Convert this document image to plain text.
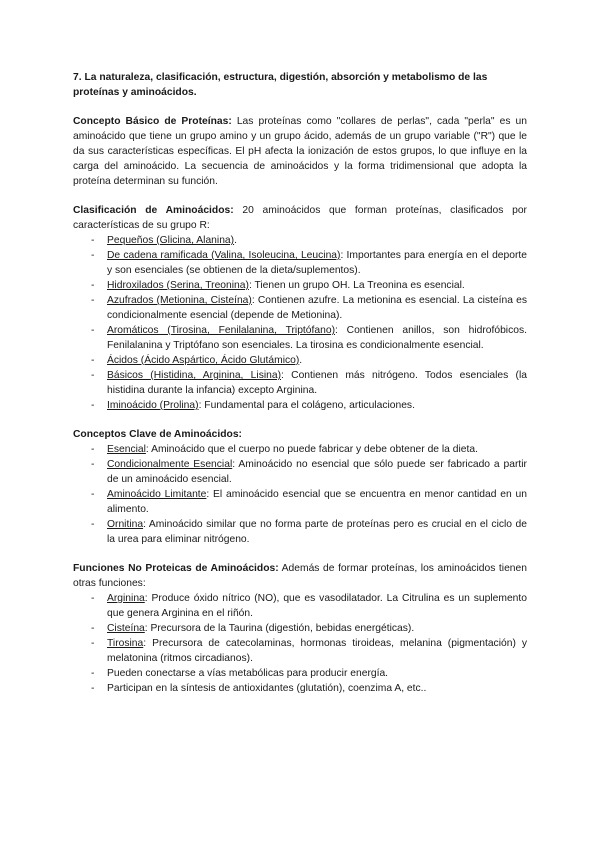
7. La naturaleza, clasificación, estructura, digestión, absorción y metabolismo de las proteínas y aminoácidos.
Concepto Básico de Proteínas: Las proteínas como "collares de perlas", cada "perla" es un aminoácido que tiene un grupo amino y un grupo ácido, además de un grupo variable ("R") que le da sus características específicas. El pH afecta la ionización de estos grupos, lo que influye en la carga del aminoácido. La secuencia de aminoácidos y la forma tridimensional que adopta la proteína determinan su función.

Clasificación de Aminoácidos: 20 aminoácidos que forman proteínas, clasificados por características de su grupo R:

- Pequeños (Glicina, Alanina).
- De cadena ramificada (Valina, Isoleucina, Leucina): Importantes para energía en el deporte y son esenciales (se obtienen de la dieta/suplementos).
- Hidroxilados (Serina, Treonina): Tienen un grupo OH. La Treonina es esencial.
- Azufrados (Metionina, Cisteína): Contienen azufre. La metionina es esencial. La cisteína es condicionalmente esencial (depende de Metionina).
- Aromáticos (Tirosina, Fenilalanina, Triptófano): Contienen anillos, son hidrofóbicos. Fenilalanina y Triptófano son esenciales. La tirosina es condicionalmente esencial.
- Ácidos (Ácido Aspártico, Ácido Glutámico).
- Básicos (Histidina, Arginina, Lisina): Contienen más nitrógeno. Todos esenciales (la histidina durante la infancia) excepto Arginina.
- Iminoácido (Prolina): Fundamental para el colágeno, articulaciones.
Conceptos Clave de Aminoácidos:
- Esencial: Aminoácido que el cuerpo no puede fabricar y debe obtener de la dieta.
- Condicionalmente Esencial: Aminoácido no esencial que sólo puede ser fabricado a partir de un aminoácido esencial.
- Aminoácido Limitante: El aminoácido esencial que se encuentra en menor cantidad en un alimento.
- Ornitina: Aminoácido similar que no forma parte de proteínas pero es crucial en el ciclo de la urea para eliminar nitrógeno.

Funciones No Proteicas de Aminoácidos: Además de formar proteínas, los aminoácidos tienen otras funciones:

- Arginina: Produce óxido nítrico (NO), que es vasodilatador. La Citrulina es un suplemento que genera Arginina en el riñón.
- Cisteína: Precursora de la Taurina (digestión, bebidas energéticas).
- Tirosina: Precursora de catecolaminas, hormonas tiroideas, melanina (pigmentación) y melatonina (ritmos circadianos).
- Pueden conectarse a vías metabólicas para producir energía.
- Participan en la síntesis de antioxidantes (glutatión), coenzima A, etc..
